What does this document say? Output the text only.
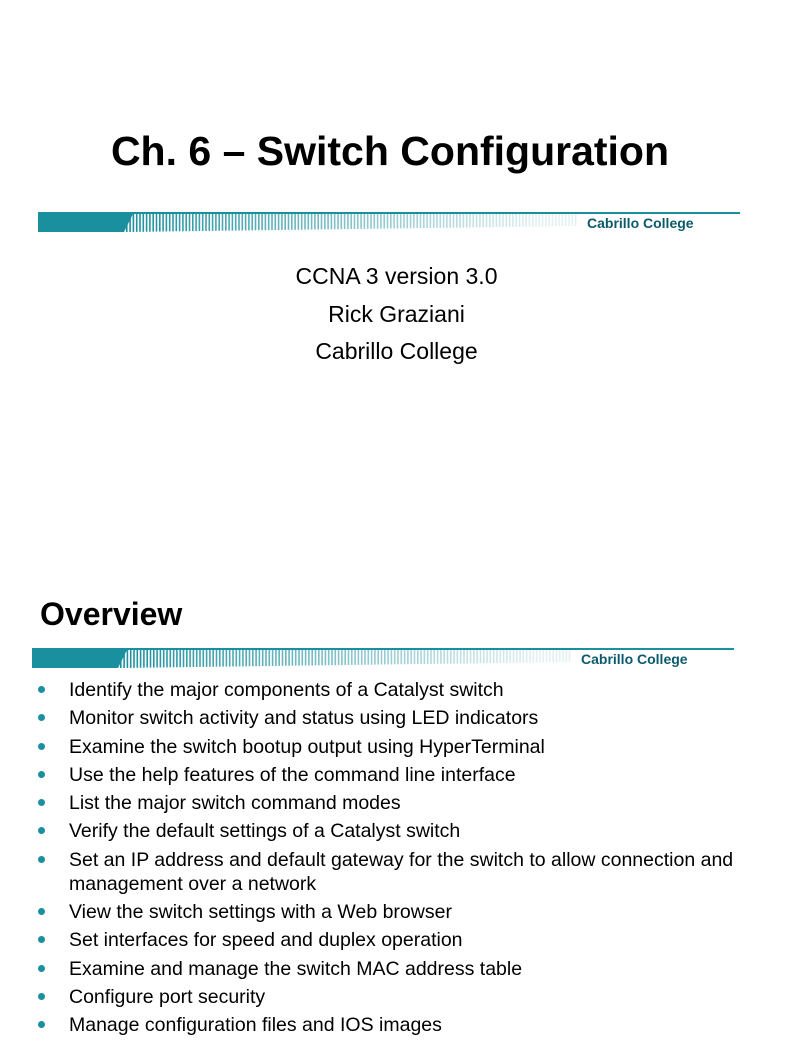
Ch. 6 – Switch Configuration
Cabrillo College
CCNA 3 version 3.0
Rick Graziani
Cabrillo College
Overview
Cabrillo College
Identify the major components of a Catalyst switch
Monitor switch activity and status using LED indicators
Examine the switch bootup output using HyperTerminal
Use the help features of the command line interface
List the major switch command modes
Verify the default settings of a Catalyst switch
Set an IP address and default gateway for the switch to allow connection and management over a network
View the switch settings with a Web browser
Set interfaces for speed and duplex operation
Examine and manage the switch MAC address table
Configure port security
Manage configuration files and IOS images
